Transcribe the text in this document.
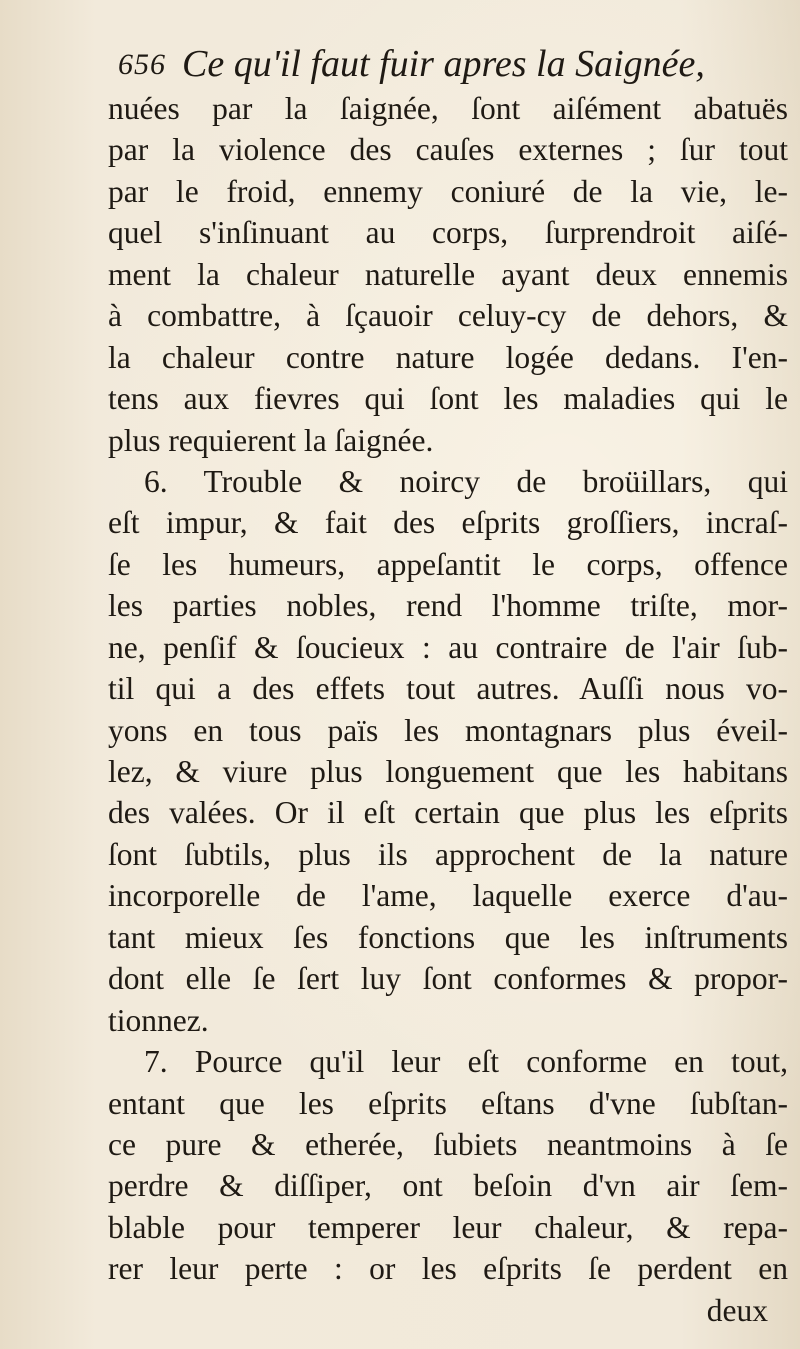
656 Ce qu'il faut fuir apres la Saignée,
nuées par la ſaignée, ſont aiſément abatuës
par la violence des cauſes externes ; ſur tout
par le froid, ennemy coniuré de la vie, le-
quel s'inſinuant au corps, ſurprendroit aiſé-
ment la chaleur naturelle ayant deux ennemis
à combattre, à ſçauoir celuy-cy de dehors, &
la chaleur contre nature logée dedans. I'en-
tens aux fievres qui ſont les maladies qui le
plus requierent la ſaignée.
6. Trouble & noircy de broüillars, qui
eſt impur, & fait des eſprits groſſiers, incraſ-
ſe les humeurs, appeſantit le corps, offence
les parties nobles, rend l'homme triſte, mor-
ne, penſif & ſoucieux : au contraire de l'air ſub-
til qui a des effets tout autres. Auſſi nous vo-
yons en tous païs les montagnars plus éveil-
lez, & viure plus longuement que les habitans
des valées. Or il eſt certain que plus les eſprits
ſont ſubtils, plus ils approchent de la nature
incorporelle de l'ame, laquelle exerce d'au-
tant mieux ſes fonctions que les inſtruments
dont elle ſe ſert luy ſont conformes & propor-
tionnez.
7. Pource qu'il leur eſt conforme en tout,
entant que les eſprits eſtans d'vne ſubſtan-
ce pure & etherée, ſubiets neantmoins à ſe
perdre & diſſiper, ont beſoin d'vn air ſem-
blable pour temperer leur chaleur, & repa-
rer leur perte : or les eſprits ſe perdent en
deux
